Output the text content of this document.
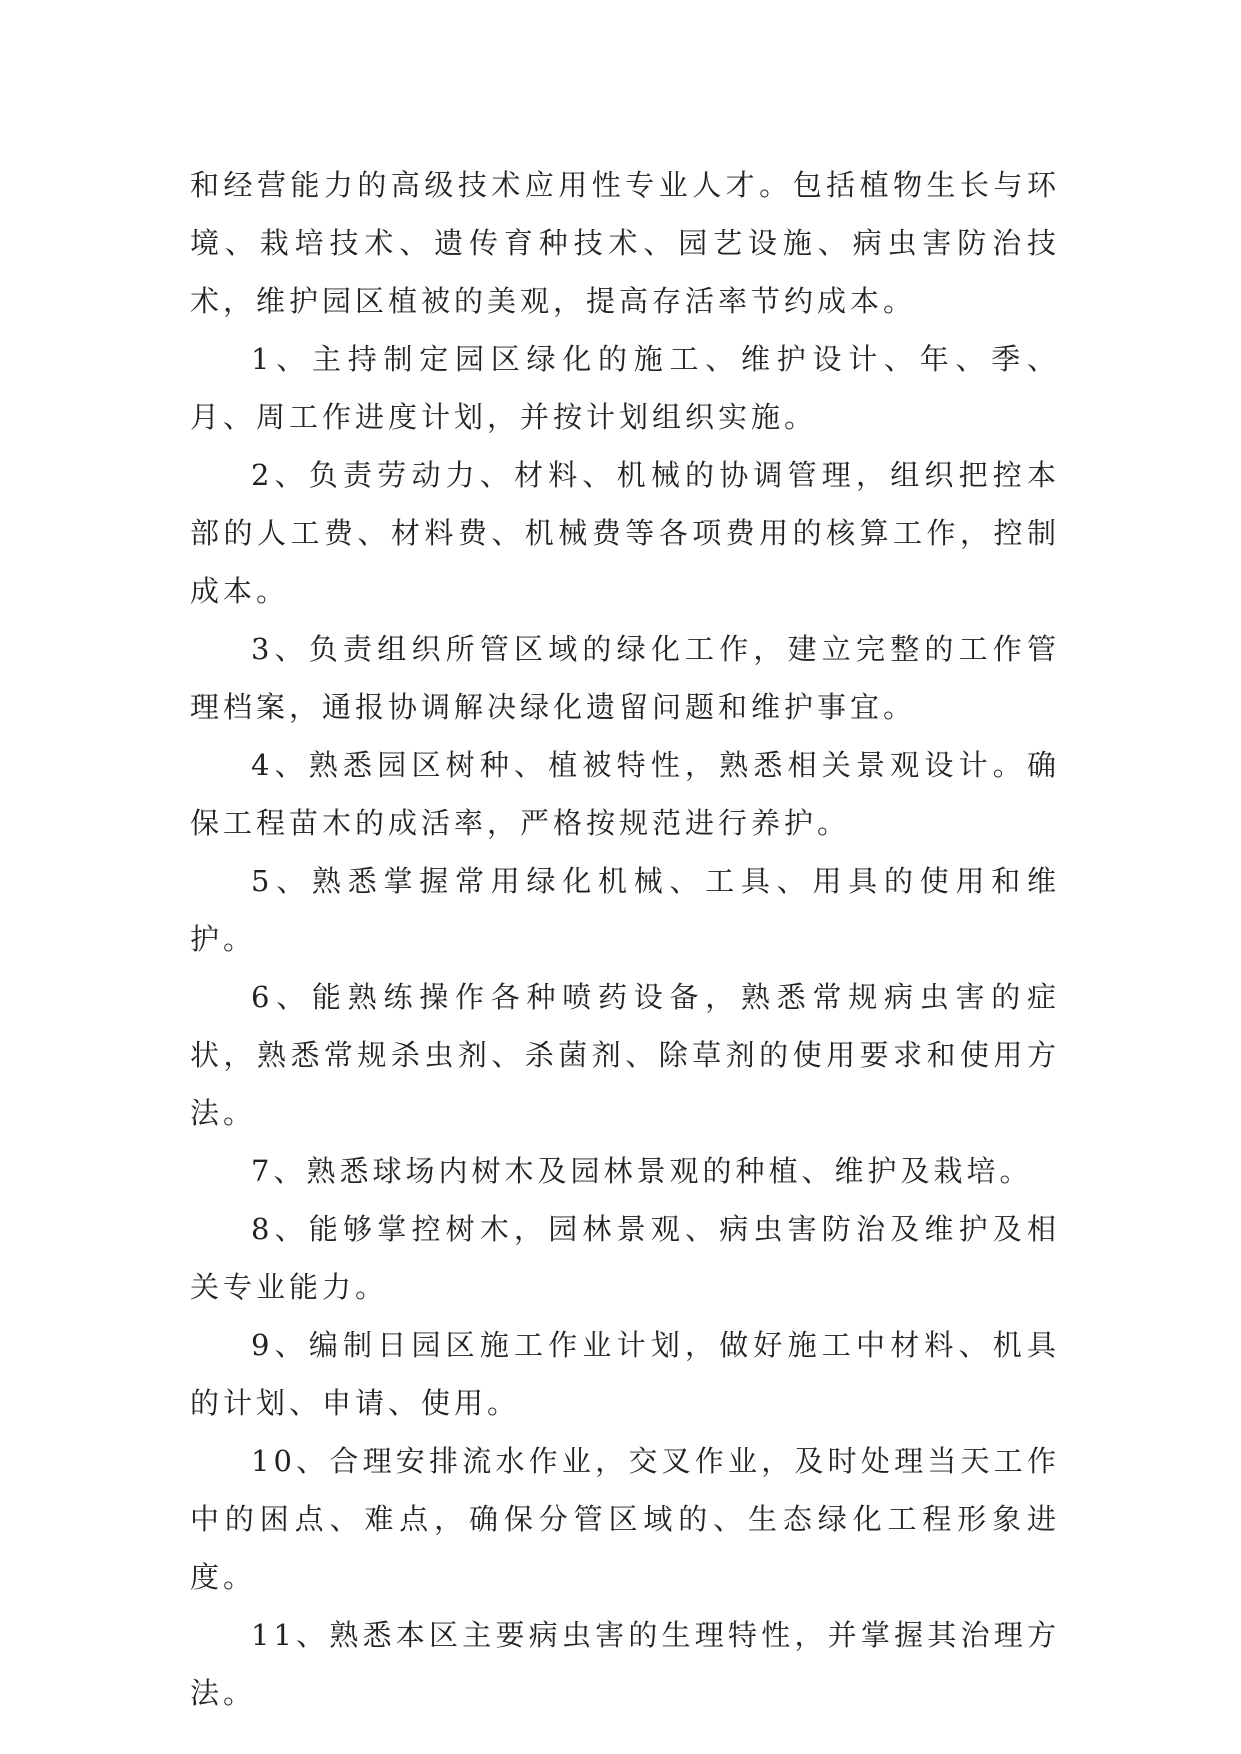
和经营能力的高级技术应用性专业人才。包括植物生长与环境、栽培技术、遗传育种技术、园艺设施、病虫害防治技术，维护园区植被的美观，提高存活率节约成本。

1、主持制定园区绿化的施工、维护设计、年、季、月、周工作进度计划，并按计划组织实施。

2、负责劳动力、材料、机械的协调管理，组织把控本部的人工费、材料费、机械费等各项费用的核算工作，控制成本。

3、负责组织所管区域的绿化工作，建立完整的工作管理档案，通报协调解决绿化遗留问题和维护事宜。

4、熟悉园区树种、植被特性，熟悉相关景观设计。确保工程苗木的成活率，严格按规范进行养护。

5、熟悉掌握常用绿化机械、工具、用具的使用和维护。

6、能熟练操作各种喷药设备，熟悉常规病虫害的症状，熟悉常规杀虫剂、杀菌剂、除草剂的使用要求和使用方法。

7、熟悉球场内树木及园林景观的种植、维护及栽培。

8、能够掌控树木，园林景观、病虫害防治及维护及相关专业能力。

9、编制日园区施工作业计划，做好施工中材料、机具的计划、申请、使用。

10、合理安排流水作业，交叉作业，及时处理当天工作中的困点、难点，确保分管区域的、生态绿化工程形象进度。

11、熟悉本区主要病虫害的生理特性，并掌握其治理方法。
